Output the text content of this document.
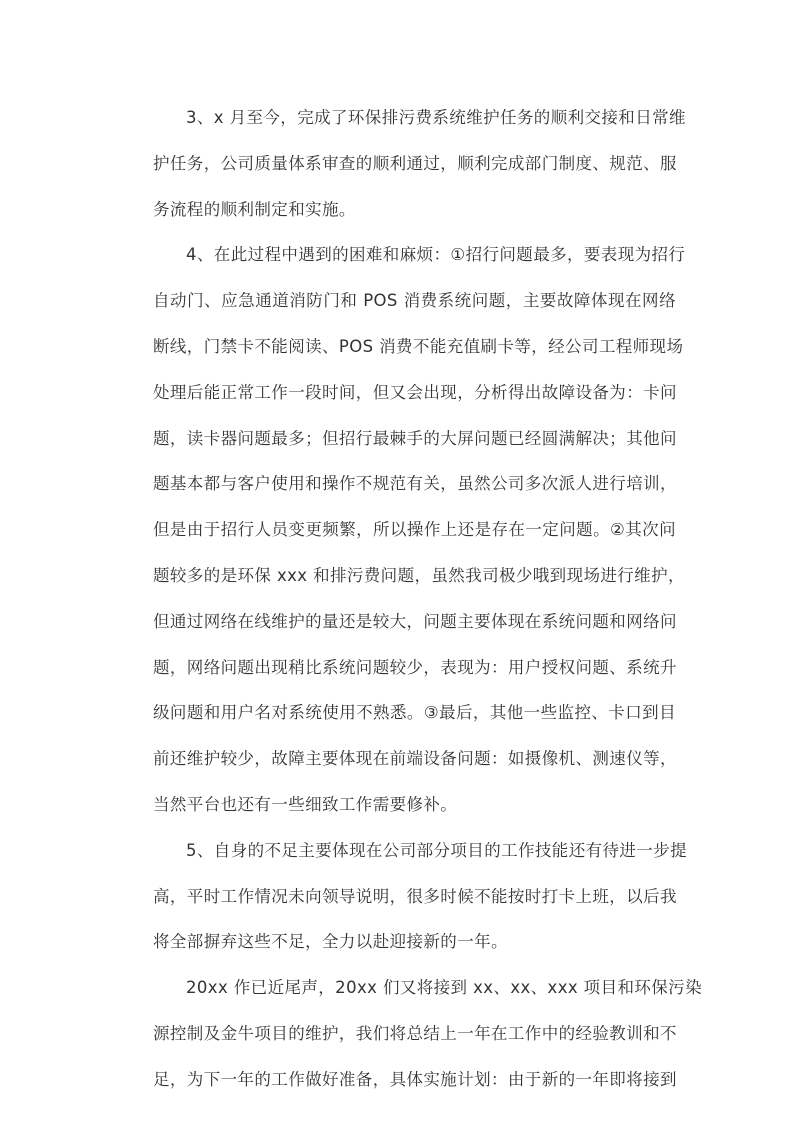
3、x 月至今，完成了环保排污费系统维护任务的顺利交接和日常维
护任务，公司质量体系审查的顺利通过，顺利完成部门制度、规范、服
务流程的顺利制定和实施。
4、在此过程中遇到的困难和麻烦：①招行问题最多，要表现为招行
自动门、应急通道消防门和 POS 消费系统问题，主要故障体现在网络
断线，门禁卡不能阅读、POS 消费不能充值刷卡等，经公司工程师现场
处理后能正常工作一段时间，但又会出现，分析得出故障设备为：卡问
题，读卡器问题最多；但招行最棘手的大屏问题已经圆满解决；其他问
题基本都与客户使用和操作不规范有关，虽然公司多次派人进行培训，
但是由于招行人员变更频繁，所以操作上还是存在一定问题。②其次问
题较多的是环保 xxx 和排污费问题，虽然我司极少哦到现场进行维护，
但通过网络在线维护的量还是较大，问题主要体现在系统问题和网络问
题，网络问题出现稍比系统问题较少，表现为：用户授权问题、系统升
级问题和用户名对系统使用不熟悉。③最后，其他一些监控、卡口到目
前还维护较少，故障主要体现在前端设备问题：如摄像机、测速仪等，
当然平台也还有一些细致工作需要修补。
5、自身的不足主要体现在公司部分项目的工作技能还有待进一步提
高，平时工作情况未向领导说明，很多时候不能按时打卡上班，以后我
将全部摒弃这些不足，全力以赴迎接新的一年。
20xx 作已近尾声，20xx 们又将接到 xx、xx、xxx 项目和环保污染
源控制及金牛项目的维护，我们将总结上一年在工作中的经验教训和不
足，为下一年的工作做好准备，具体实施计划：由于新的一年即将接到
